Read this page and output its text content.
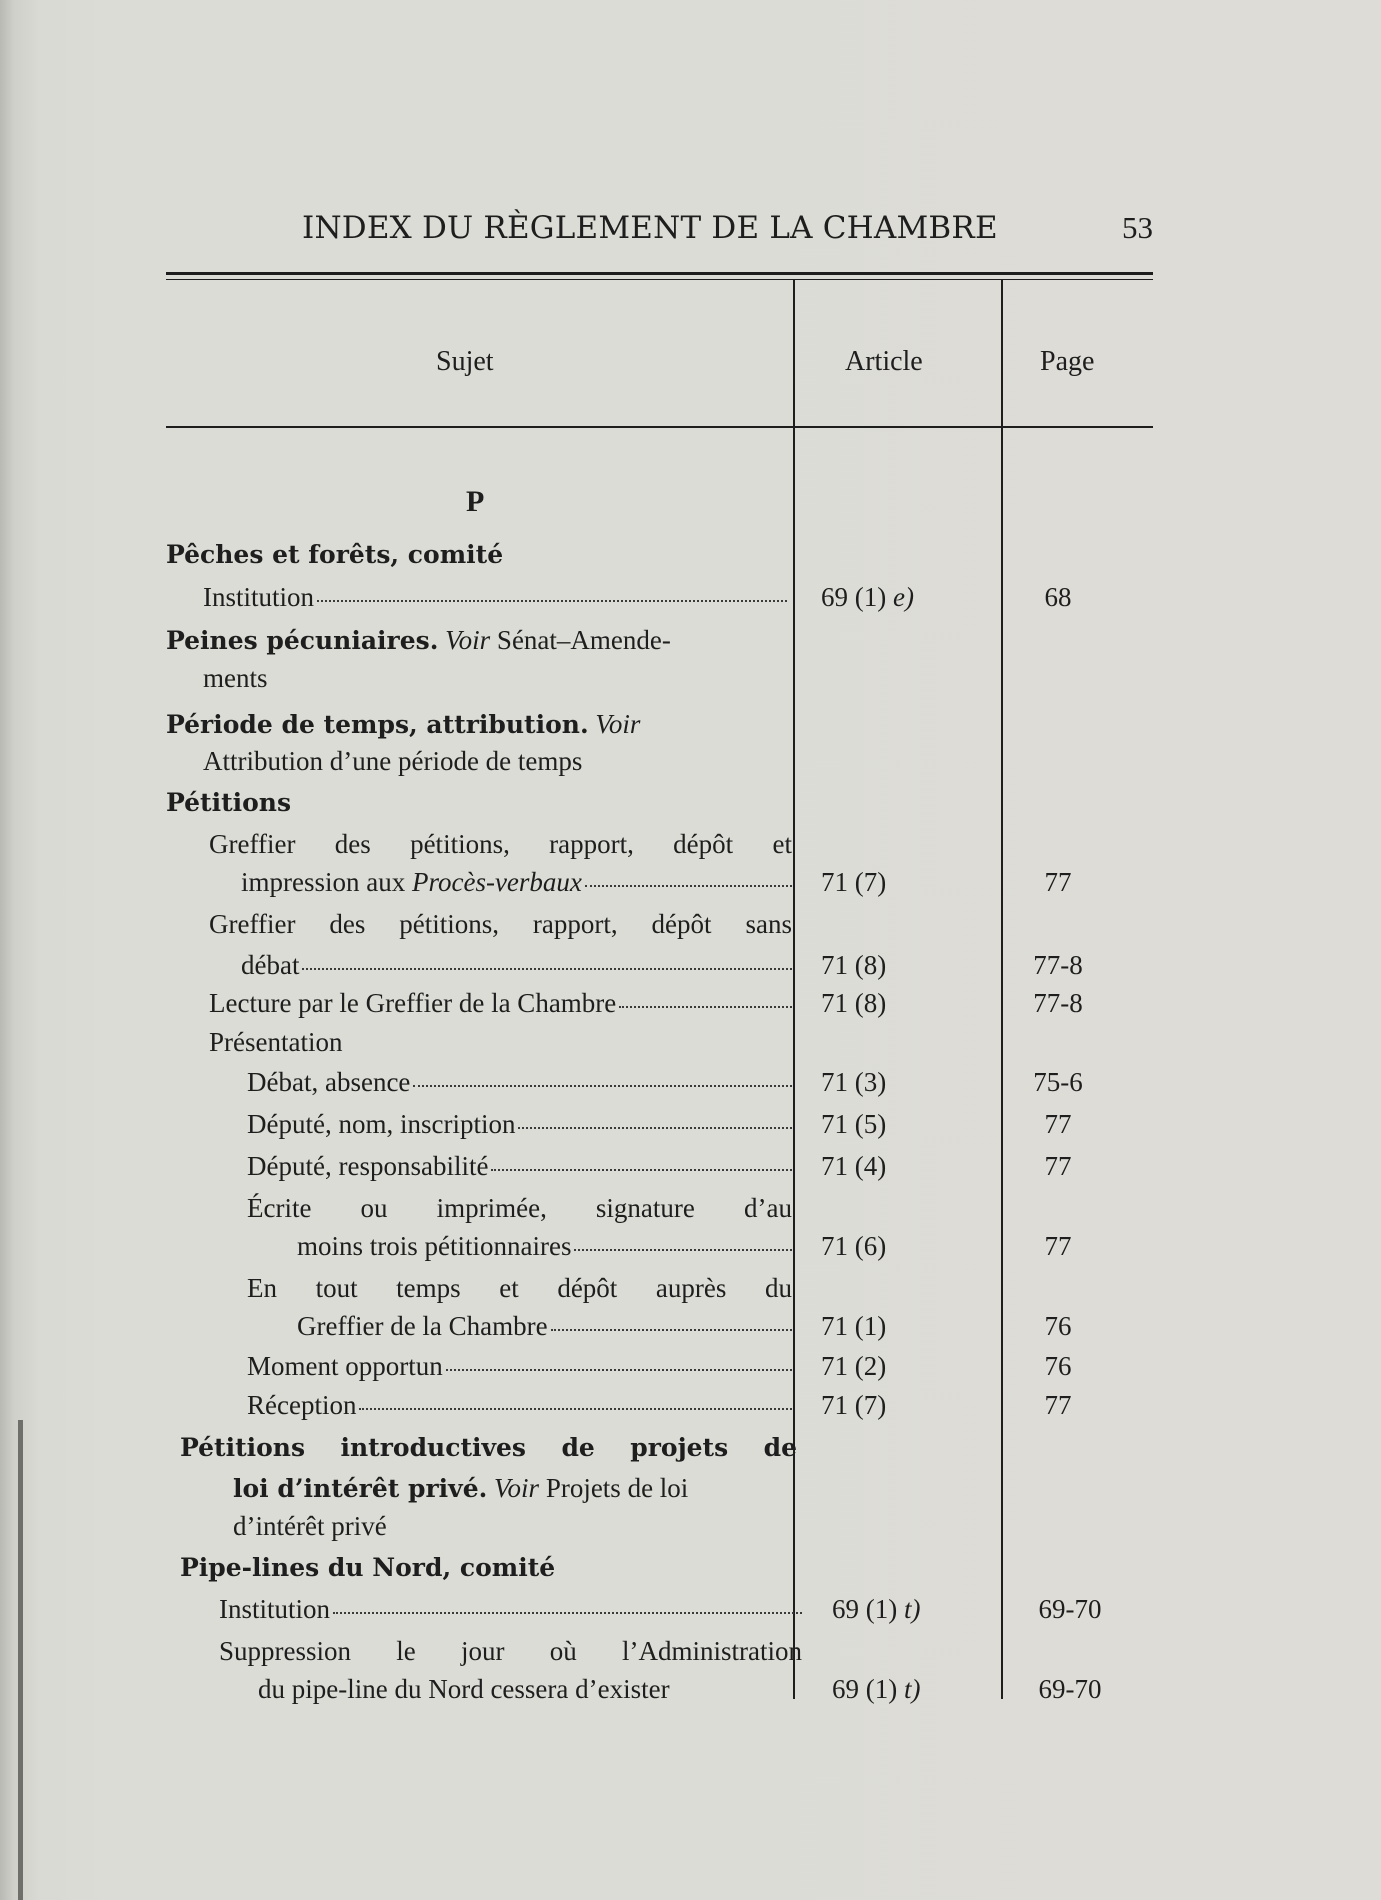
INDEX DU RÈGLEMENT DE LA CHAMBRE	53
Sujet	Article	Page
P
Pêches et forêts, comité
Institution	69 (1) e)	68
Peines pécuniaires. Voir Sénat–Amende-
ments
Période de temps, attribution. Voir
Attribution d’une période de temps
Pétitions
Greffier des pétitions, rapport, dépôt et
impression aux Procès-verbaux	71 (7)	77
Greffier des pétitions, rapport, dépôt sans
débat	71 (8)	77-8
Lecture par le Greffier de la Chambre	71 (8)	77-8
Présentation
Débat, absence	71 (3)	75-6
Député, nom, inscription	71 (5)	77
Député, responsabilité	71 (4)	77
Écrite ou imprimée, signature d’au
moins trois pétitionnaires	71 (6)	77
En tout temps et dépôt auprès du
Greffier de la Chambre	71 (1)	76
Moment opportun	71 (2)	76
Réception	71 (7)	77
Pétitions introductives de projets de
loi d’intérêt privé. Voir Projets de loi
d’intérêt privé
Pipe-lines du Nord, comité
Institution	69 (1) t)	69-70
Suppression le jour où l’Administration
du pipe-line du Nord cessera d’exister	69 (1) t)	69-70
